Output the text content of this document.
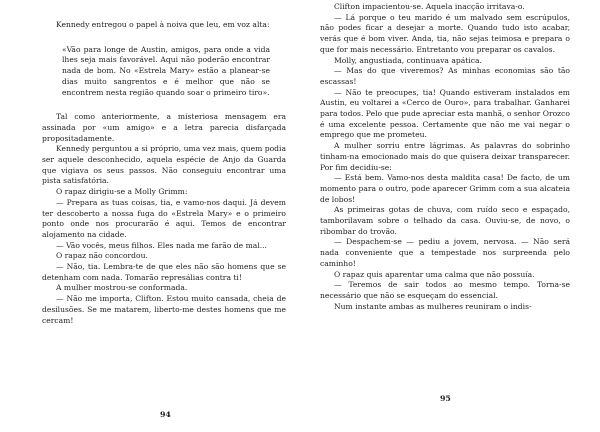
Kennedy entregou o papel à noiva que leu, em voz alta:

«Vão para longe de Austin, amigos, para onde a vida lhes seja mais favorável. Aqui não poderão encontrar nada de bom. No «Estrela Mary» estão a planear-se dias muito sangrentos e é melhor que não se encontrem nesta região quando soar o primeiro tiro».

Tal como anteriormente, a misteriosa mensagem era assinada por «um amigo» e a letra parecia disfarçada propositadamente.

Kennedy perguntou a si próprio, uma vez mais, quem podia ser aquele desconhecido, aquela espécie de Anjo da Guarda que vigiava os seus passos. Não conseguiu encontrar uma pista satisfatória.

O rapaz dirigiu-se a Molly Grimm:

— Prepara as tuas coisas, tia, e vamo-nos daqui. Já devem ter descoberto a nossa fuga do «Estrela Mary» e o primeiro ponto onde nos procurarão é aqui. Temos de encontrar alojamento na cidade.

— Vão vocês, meus filhos. Eles nada me farão de mal...

O rapaz não concordou.

— Não, tia. Lembra-te de que eles não são homens que se detenham com nada. Tomarão represálias contra ti!

A mulher mostrou-se conformada.

— Não me importa, Clifton. Estou muito cansada, cheia de desilusões. Se me matarem, liberto-me destes homens que me cercam!

94

Clifton impacientou-se. Aquela inacção irritava-o.

— Lá porque o teu marido é um malvado sem escrúpulos, não podes ficar a desejar a morte. Quando tudo isto acabar, verás que é bom viver. Anda, tia, não sejas teimosa e prepara o que for mais necessário. Entretanto vou preparar os cavalos.

Molly, angustiada, continuava apática.

— Mas do que viveremos? As minhas economias são tão escassas!

— Não te preocupes, tia! Quando estiveram instalados em Austin, eu voltarei a «Cerco de Ouro», para trabalhar. Ganharei para todos. Pelo que pude apreciar esta manhã, o senhor Orozco é uma excelente pessoa. Certamente que não me vai negar o emprego que me prometeu.

A mulher sorriu entre lágrimas. As palavras do sobrinho tinham-na emocionado mais do que quisera deixar transparecer. Por fim decidiu-se:

— Está bem. Vamo-nos desta maldita casa! De facto, de um momento para o outro, pode aparecer Grimm com a sua alcateia de lobos!

As primeiras gotas de chuva, com ruído seco e espaçado, tamborilavam sobre o telhado da casa. Ouviu-se, de novo, o ribombar do trovão.

— Despachem-se — pediu a jovem, nervosa. — Não será nada conveniente que a tempestade nos surpreenda pelo caminho!

O rapaz quis aparentar uma calma que não possuía.

— Teremos de sair todos ao mesmo tempo. Torna-se necessário que não se esqueçam do essencial.

Num instante ambas as mulheres reuniram o indis-

95
